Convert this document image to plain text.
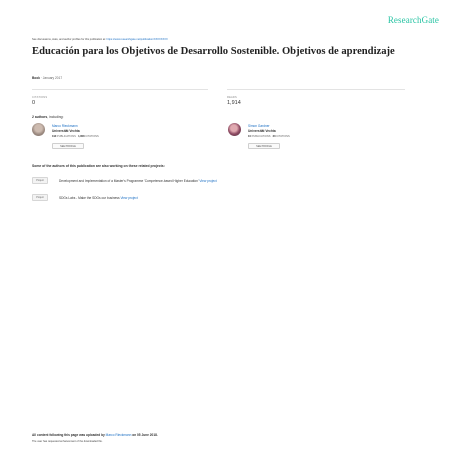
ResearchGate
See discussions, stats, and author profiles for this publication at: https://www.researchgate.net/publication/XXXXXXXX
Educación para los Objetivos de Desarrollo Sostenible. Objetivos de aprendizaje
Book · January 2017
CITATIONS
0
READS
1,914
2 authors, including:
Marco Rieckmann
Universität Vechta
190 PUBLICATIONS 1,808 CITATIONS
SEE PROFILE
Simon Gardner
Universität Vechta
10 PUBLICATIONS 20 CITATIONS
SEE PROFILE
Some of the authors of this publication are also working on these related projects:
Project	Development and Implementation of a Master's Programme 'Competence-based Higher Education' View project
Project	SDGs Labs - Make the SDGs our business View project
All content following this page was uploaded by Marco Rieckmann on 05 June 2018.
The user has requested enhancement of the downloaded file.
